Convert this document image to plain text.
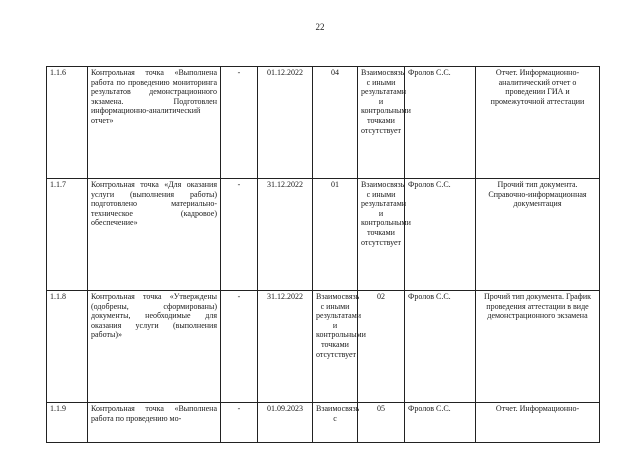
22
1.1.6	Контрольная точка «Выполнена работа по проведению мониторинга результатов демонстрационного экзамена. Подготовлен информационно-аналитический отчет»	-	01.12.2022	04	Взаимосвязь с иными результатами и контрольными точками отсутствует	Фролов С.С.	Отчет. Информационно-аналитический отчет о проведении ГИА и промежуточной аттестации
1.1.7	Контрольная точка «Для оказания услуги (выполнения работы) подготовлено материально-техническое (кадровое) обеспечение»	-	31.12.2022	01	Взаимосвязь с иными результатами и контрольными точками отсутствует	Фролов С.С.	Прочий тип документа. Справочно-информационная документация
1.1.8	Контрольная точка «Утверждены (одобрены, сформированы) документы, необходимые для оказания услуги (выполнения работы)»	-	31.12.2022	Взаимосвязь с иными результатами и контрольными точками отсутствует	02	Фролов С.С.	Прочий тип документа. График проведения аттестации в виде демонстрационного экзамена
1.1.9	Контрольная точка «Выполнена работа по проведению мо-	-	01.09.2023	Взаимосвязь с	05	Фролов С.С.	Отчет. Информационно-
